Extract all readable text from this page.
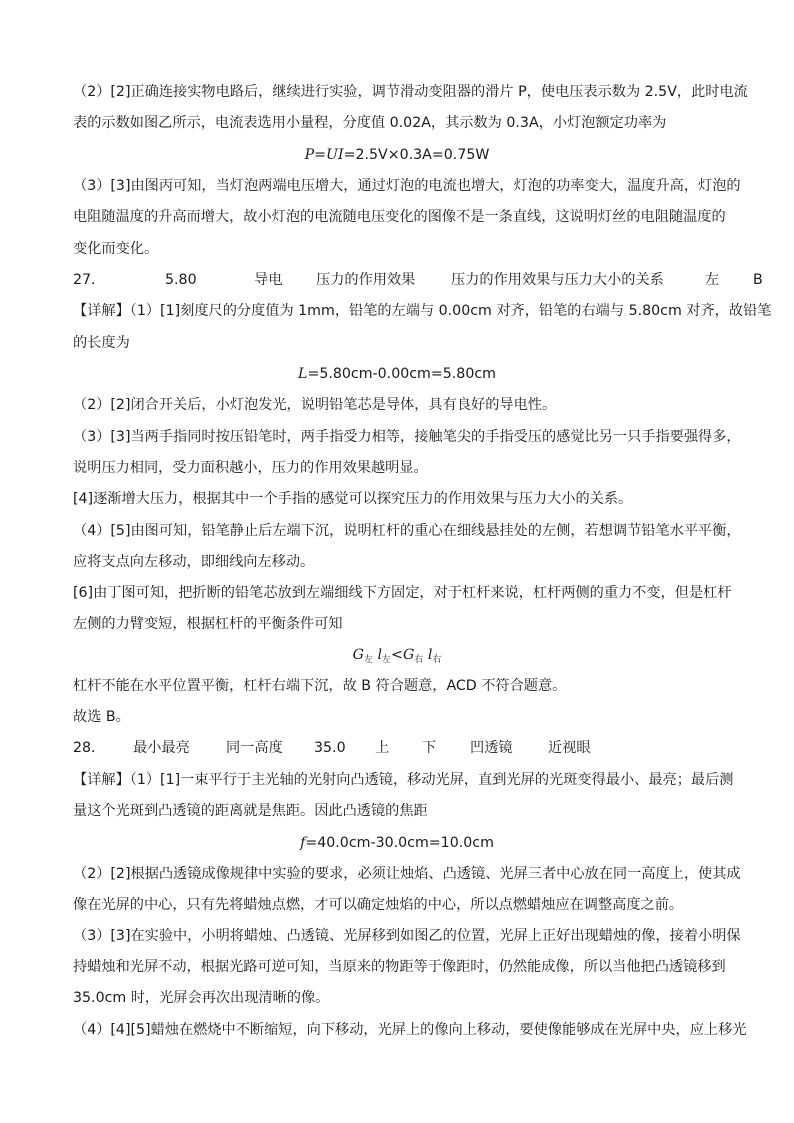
（2）[2]正确连接实物电路后，继续进行实验，调节滑动变阻器的滑片 P，使电压表示数为 2.5V，此时电流
表的示数如图乙所示，电流表选用小量程，分度值 0.02A，其示数为 0.3A，小灯泡额定功率为
P=UI=2.5V×0.3A=0.75W
（3）[3]由图丙可知，当灯泡两端电压增大，通过灯泡的电流也增大，灯泡的功率变大，温度升高，灯泡的
电阻随温度的升高而增大，故小灯泡的电流随电压变化的图像不是一条直线，这说明灯丝的电阻随温度的
变化而变化。
27．	5.80	导电 压力的作用效果	压力的作用效果与压力大小的关系	左 B
【详解】（1）[1]刻度尺的分度值为 1mm，铅笔的左端与 0.00cm 对齐，铅笔的右端与 5.80cm 对齐，故铅笔
的长度为
L=5.80cm-0.00cm=5.80cm
（2）[2]闭合开关后，小灯泡发光，说明铅笔芯是导体，具有良好的导电性。
（3）[3]当两手指同时按压铅笔时，两手指受力相等，接触笔尖的手指受压的感觉比另一只手指要强得多，
说明压力相同，受力面积越小，压力的作用效果越明显。
[4]逐渐增大压力，根据其中一个手指的感觉可以探究压力的作用效果与压力大小的关系。
（4）[5]由图可知，铅笔静止后左端下沉，说明杠杆的重心在细线悬挂处的左侧，若想调节铅笔水平平衡，
应将支点向左移动，即细线向左移动。
[6]由丁图可知，把折断的铅笔芯放到左端细线下方固定，对于杠杆来说，杠杆两侧的重力不变，但是杠杆
左侧的力臂变短，根据杠杆的平衡条件可知
$G_左$ $l_左<G_右$ $l_右$
杠杆不能在水平位置平衡，杠杆右端下沉，故 B 符合题意，ACD 不符合题意。
故选 B。
28． 最小最亮	同一高度 35.0 上 下 凹透镜 近视眼
【详解】（1）[1]一束平行于主光轴的光射向凸透镜，移动光屏，直到光屏的光斑变得最小、最亮；最后测
量这个光斑到凸透镜的距离就是焦距。因此凸透镜的焦距
f=40.0cm-30.0cm=10.0cm
（2）[2]根据凸透镜成像规律中实验的要求，必须让烛焰、凸透镜、光屏三者中心放在同一高度上，使其成
像在光屏的中心，只有先将蜡烛点燃，才可以确定烛焰的中心，所以点燃蜡烛应在调整高度之前。
（3）[3]在实验中，小明将蜡烛、凸透镜、光屏移到如图乙的位置，光屏上正好出现蜡烛的像，接着小明保
持蜡烛和光屏不动，根据光路可逆可知，当原来的物距等于像距时，仍然能成像，所以当他把凸透镜移到
35.0cm 时，光屏会再次出现清晰的像。
（4）[4][5]蜡烛在燃烧中不断缩短，向下移动，光屏上的像向上移动，要使像能够成在光屏中央，应上移光
